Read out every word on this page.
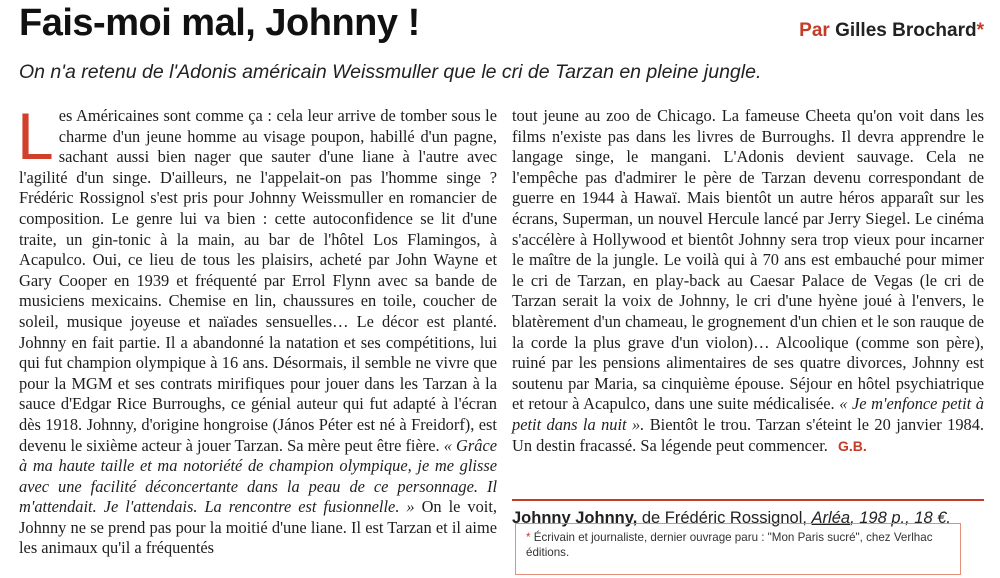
Fais-moi mal, Johnny !	Par Gilles Brochard*

On n'a retenu de l'Adonis américain Weissmuller que le cri de Tarzan en pleine jungle.

Les Américaines sont comme ça : cela leur arrive de tomber sous le charme d'un jeune homme au visage poupon, habillé d'un pagne, sachant aussi bien nager que sauter d'une liane à l'autre avec l'agilité d'un singe. D'ailleurs, ne l'appelait-on pas l'homme singe ? Frédéric Rossignol s'est pris pour Johnny Weissmuller en romancier de composition. Le genre lui va bien : cette autoconfidence se lit d'une traite, un gin-tonic à la main, au bar de l'hôtel Los Flamingos, à Acapulco. Oui, ce lieu de tous les plaisirs, acheté par John Wayne et Gary Cooper en 1939 et fréquenté par Errol Flynn avec sa bande de musiciens mexicains. Chemise en lin, chaussures en toile, coucher de soleil, musique joyeuse et naïades sensuelles… Le décor est planté. Johnny en fait partie. Il a abandonné la natation et ses compétitions, lui qui fut champion olympique à 16 ans. Désormais, il semble ne vivre que pour la MGM et ses contrats mirifiques pour jouer dans les Tarzan à la sauce d'Edgar Rice Burroughs, ce génial auteur qui fut adapté à l'écran dès 1918. Johnny, d'origine hongroise (János Péter est né à Freidorf), est devenu le sixième acteur à jouer Tarzan. Sa mère peut être fière. « Grâce à ma haute taille et ma notoriété de champion olympique, je me glisse avec une facilité déconcertante dans la peau de ce personnage. Il m'attendait. Je l'attendais. La rencontre est fusionnelle. » On le voit, Johnny ne se prend pas pour la moitié d'une liane. Il est Tarzan et il aime les animaux qu'il a fréquentés

tout jeune au zoo de Chicago. La fameuse Cheeta qu'on voit dans les films n'existe pas dans les livres de Burroughs. Il devra apprendre le langage singe, le mangani. L'Adonis devient sauvage. Cela ne l'empêche pas d'admirer le père de Tarzan devenu correspondant de guerre en 1944 à Hawaï. Mais bientôt un autre héros apparaît sur les écrans, Superman, un nouvel Hercule lancé par Jerry Siegel. Le cinéma s'accélère à Hollywood et bientôt Johnny sera trop vieux pour incarner le maître de la jungle. Le voilà qui à 70 ans est embauché pour mimer le cri de Tarzan, en play-back au Caesar Palace de Vegas (le cri de Tarzan serait la voix de Johnny, le cri d'une hyène joué à l'envers, le blatèrement d'un chameau, le grognement d'un chien et le son rauque de la corde la plus grave d'un violon)… Alcoolique (comme son père), ruiné par les pensions alimentaires de ses quatre divorces, Johnny est soutenu par Maria, sa cinquième épouse. Séjour en hôtel psychiatrique et retour à Acapulco, dans une suite médicalisée. « Je m'enfonce petit à petit dans la nuit ». Bientôt le trou. Tarzan s'éteint le 20 janvier 1984. Un destin fracassé. Sa légende peut commencer. G.B.

Johnny Johnny, de Frédéric Rossignol, Arléa, 198 p., 18 €.
* Écrivain et journaliste, dernier ouvrage paru : "Mon Paris sucré", chez Verlhac éditions.
